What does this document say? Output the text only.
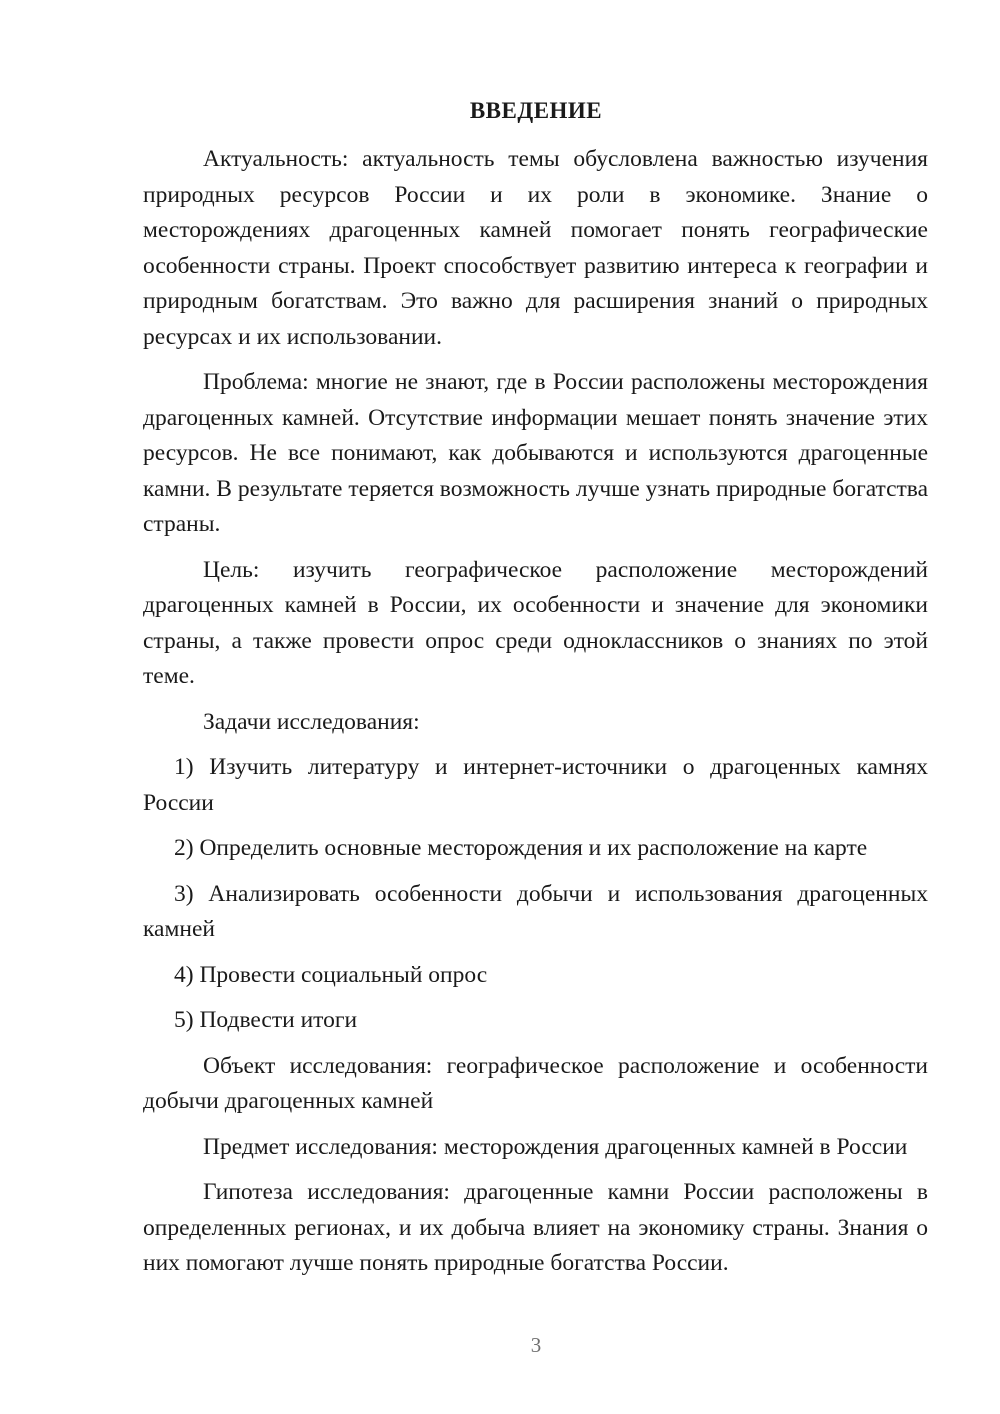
ВВЕДЕНИЕ

Актуальность: актуальность темы обусловлена важностью изучения природных ресурсов России и их роли в экономике. Знание о месторождениях драгоценных камней помогает понять географические особенности страны. Проект способствует развитию интереса к географии и природным богатствам. Это важно для расширения знаний о природных ресурсах и их использовании.

Проблема: многие не знают, где в России расположены месторождения драгоценных камней. Отсутствие информации мешает понять значение этих ресурсов. Не все понимают, как добываются и используются драгоценные камни. В результате теряется возможность лучше узнать природные богатства страны.

Цель: изучить географическое расположение месторождений драгоценных камней в России, их особенности и значение для экономики страны, а также провести опрос среди одноклассников о знаниях по этой теме.

Задачи исследования:

1) Изучить литературу и интернет-источники о драгоценных камнях России

2) Определить основные месторождения и их расположение на карте

3) Анализировать особенности добычи и использования драгоценных камней

4) Провести социальный опрос

5) Подвести итоги

Объект исследования: географическое расположение и особенности добычи драгоценных камней

Предмет исследования: месторождения драгоценных камней в России

Гипотеза исследования: драгоценные камни России расположены в определенных регионах, и их добыча влияет на экономику страны. Знания о них помогают лучше понять природные богатства России.

3
